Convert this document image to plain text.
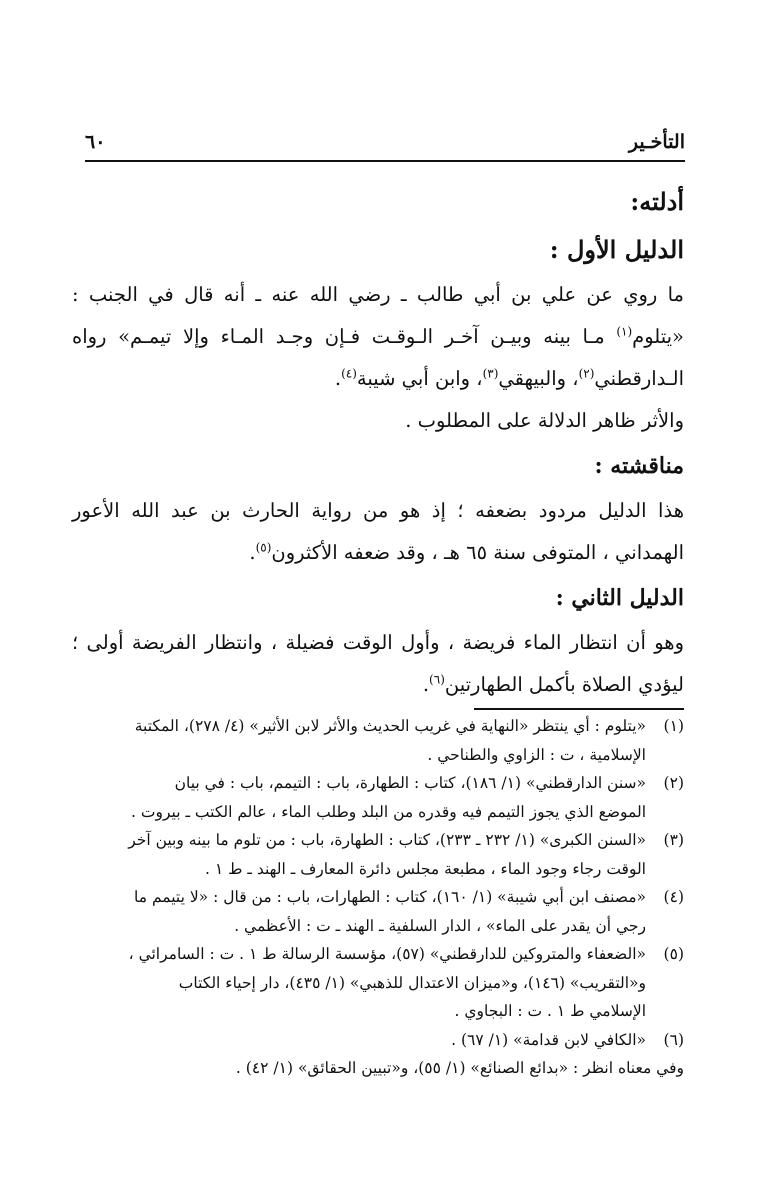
التأخـير
٦٠
أدلته:
الدليل الأول :
ما روي عن علي بن أبي طالب ـ رضي الله عنه ـ أنه قال في الجنب : «يتلوم$^{(١)}$ مـا بينه وبيـن آخـر الـوقـت فـإن وجـد المـاء وإلا تيمـم» رواه الـدارقطني$^{(٢)}$، والبيهقي$^{(٣)}$، وابن أبي شيبة$^{(٤)}$.
والأثر ظاهر الدلالة على المطلوب .
مناقشته :
هذا الدليل مردود بضعفه ؛ إذ هو من رواية الحارث بن عبد الله الأعور الهمداني ، المتوفى سنة ٦٥ هـ ، وقد ضعفه الأكثرون$^{(٥)}$.
الدليل الثاني :
وهو أن انتظار الماء فريضة ، وأول الوقت فضيلة ، وانتظار الفريضة أولى ؛ ليؤدي الصلاة بأكمل الطهارتين$^{(٦)}$.
(١)
«يتلوم : أي ينتظر «النهاية في غريب الحديث والأثر لابن الأثير» (٤/ ٢٧٨)، المكتبة
الإسلامية ، ت : الزاوي والطناحي .
(٢)
«سنن الدارقطني» (١/ ١٨٦)، كتاب : الطهارة، باب : التيمم، باب : في بيان
الموضع الذي يجوز التيمم فيه وقدره من البلد وطلب الماء ، عالم الكتب ـ بيروت .
(٣)
«السنن الكبرى» (١/ ٢٣٢ ـ ٢٣٣)، كتاب : الطهارة، باب : من تلوم ما بينه وبين آخر
الوقت رجاء وجود الماء ، مطبعة مجلس دائرة المعارف ـ الهند ـ ط ١ .
(٤)
«مصنف ابن أبي شيبة» (١/ ١٦٠)، كتاب : الطهارات، باب : من قال : «لا يتيمم ما
رجي أن يقدر على الماء» ، الدار السلفية ـ الهند ـ ت : الأعظمي .
(٥)
«الضعفاء والمتروكين للدارقطني» (٥٧)، مؤسسة الرسالة ط ١ . ت : السامرائي ،
و«التقريب» (١٤٦)، و«ميزان الاعتدال للذهبي» (١/ ٤٣٥)، دار إحياء الكتاب
الإسلامي ط ١ . ت : البجاوي .
(٦)
«الكافي لابن قدامة» (١/ ٦٧) .
وفي معناه انظر : «بدائع الصنائع» (١/ ٥٥)، و«تبيين الحقائق» (١/ ٤٢) .
